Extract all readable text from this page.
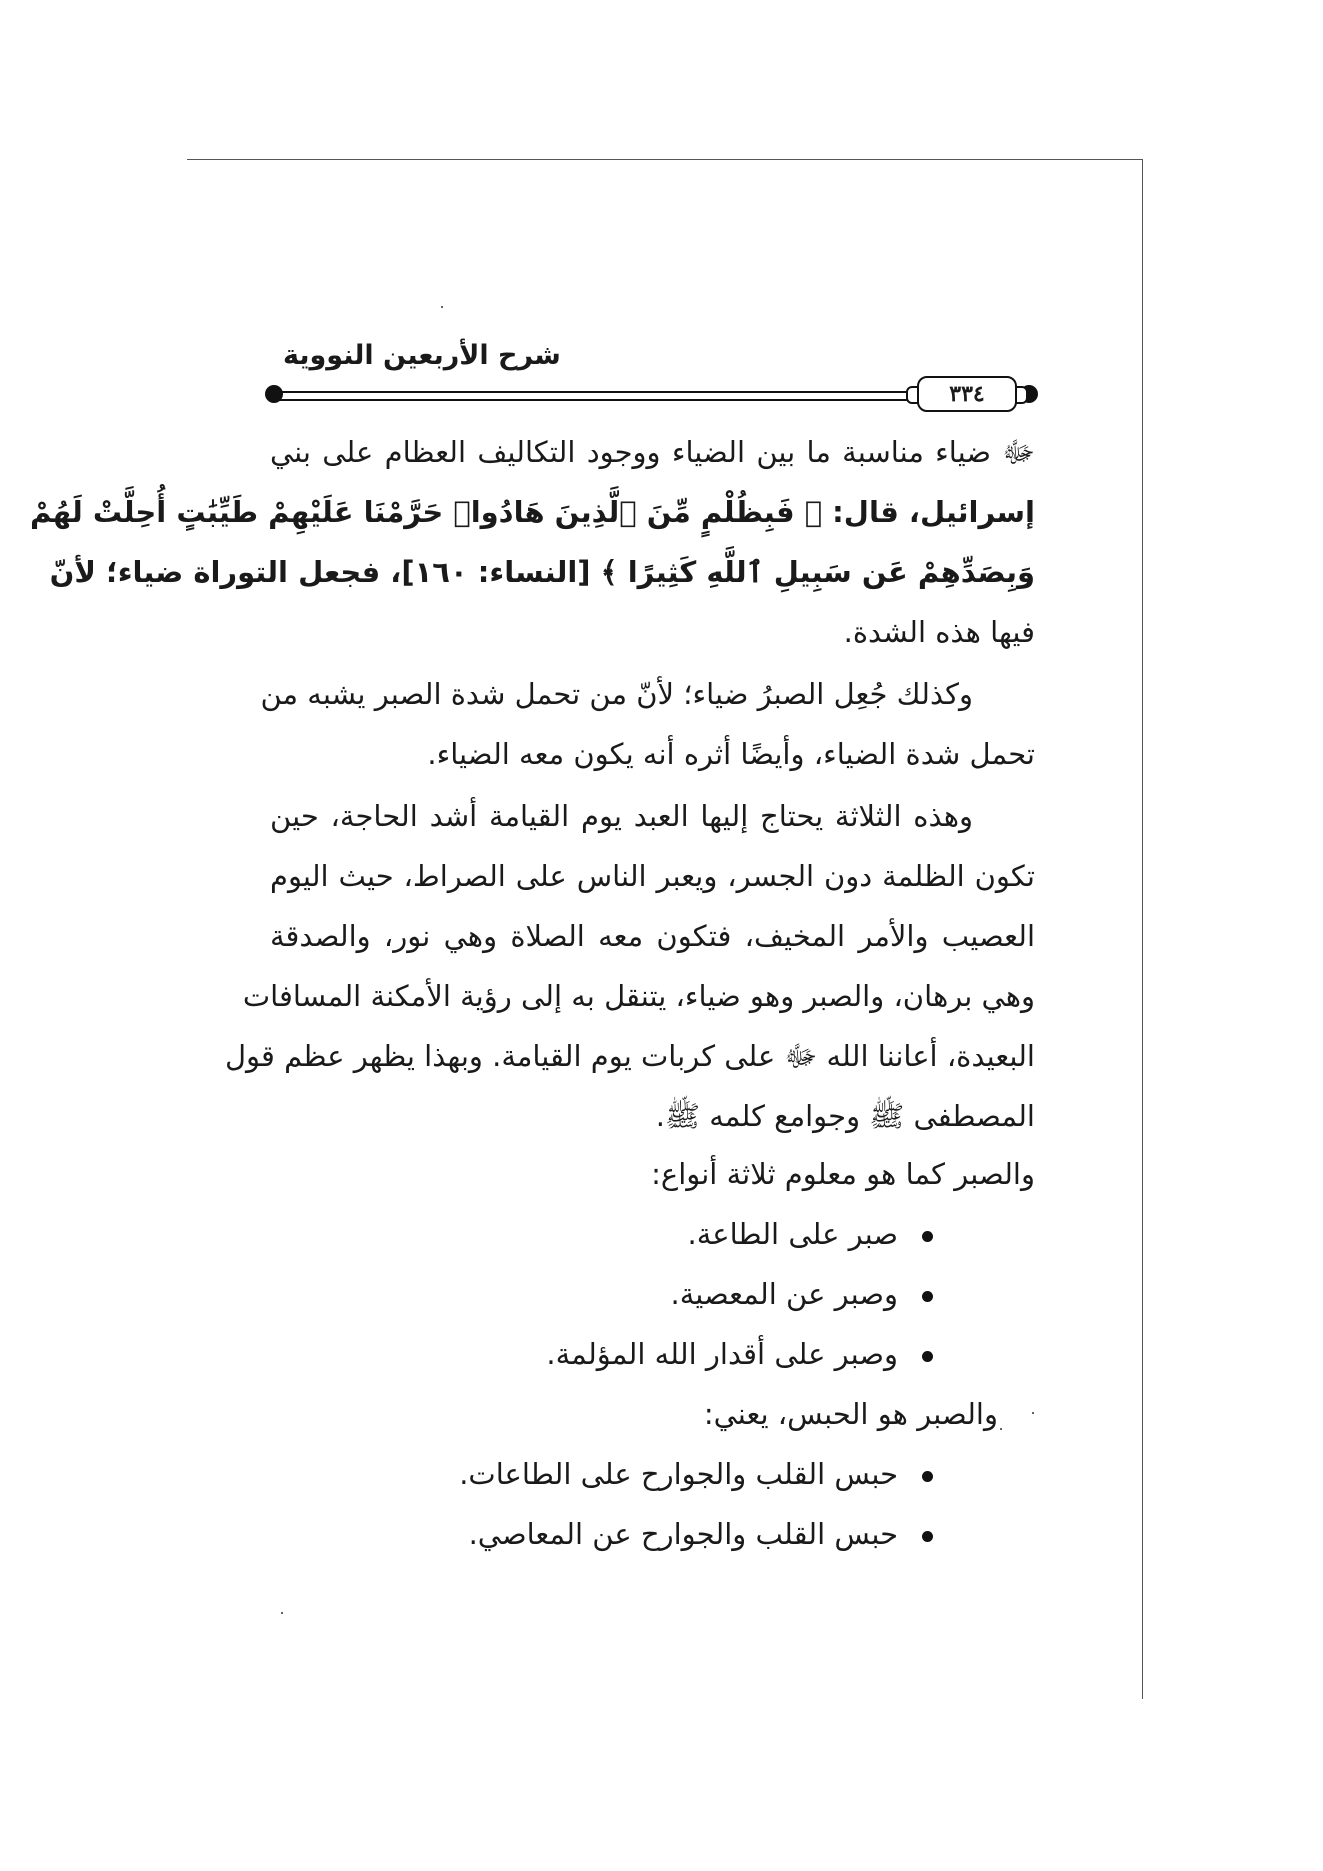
٣٣٤
شرح الأربعين النووية
ﷻ ضياء مناسبة ما بين الضياء ووجود التكاليف العظام على بني
إسرائيل، قال: ﴿ فَبِظُلْمٍ مِّنَ ٱلَّذِينَ هَادُوا۟ حَرَّمْنَا عَلَيْهِمْ طَيِّبَٰتٍ أُحِلَّتْ لَهُمْ
وَبِصَدِّهِمْ عَن سَبِيلِ ٱللَّهِ كَثِيرًا ﴾ [النساء: ١٦٠]، فجعل التوراة ضياء؛ لأنّ
فيها هذه الشدة.
وكذلك جُعِل الصبرُ ضياء؛ لأنّ من تحمل شدة الصبر يشبه من
تحمل شدة الضياء، وأيضًا أثره أنه يكون معه الضياء.
وهذه الثلاثة يحتاج إليها العبد يوم القيامة أشد الحاجة، حين
تكون الظلمة دون الجسر، ويعبر الناس على الصراط، حيث اليوم
العصيب والأمر المخيف، فتكون معه الصلاة وهي نور، والصدقة
وهي برهان، والصبر وهو ضياء، يتنقل به إلى رؤية الأمكنة المسافات
البعيدة، أعاننا الله ﷻ على كربات يوم القيامة. وبهذا يظهر عظم قول
المصطفى ﷺ وجوامع كلمه ﷺ.
والصبر كما هو معلوم ثلاثة أنواع:
صبر على الطاعة.
وصبر عن المعصية.
وصبر على أقدار الله المؤلمة.
والصبر هو الحبس، يعني:
حبس القلب والجوارح على الطاعات.
حبس القلب والجوارح عن المعاصي.
